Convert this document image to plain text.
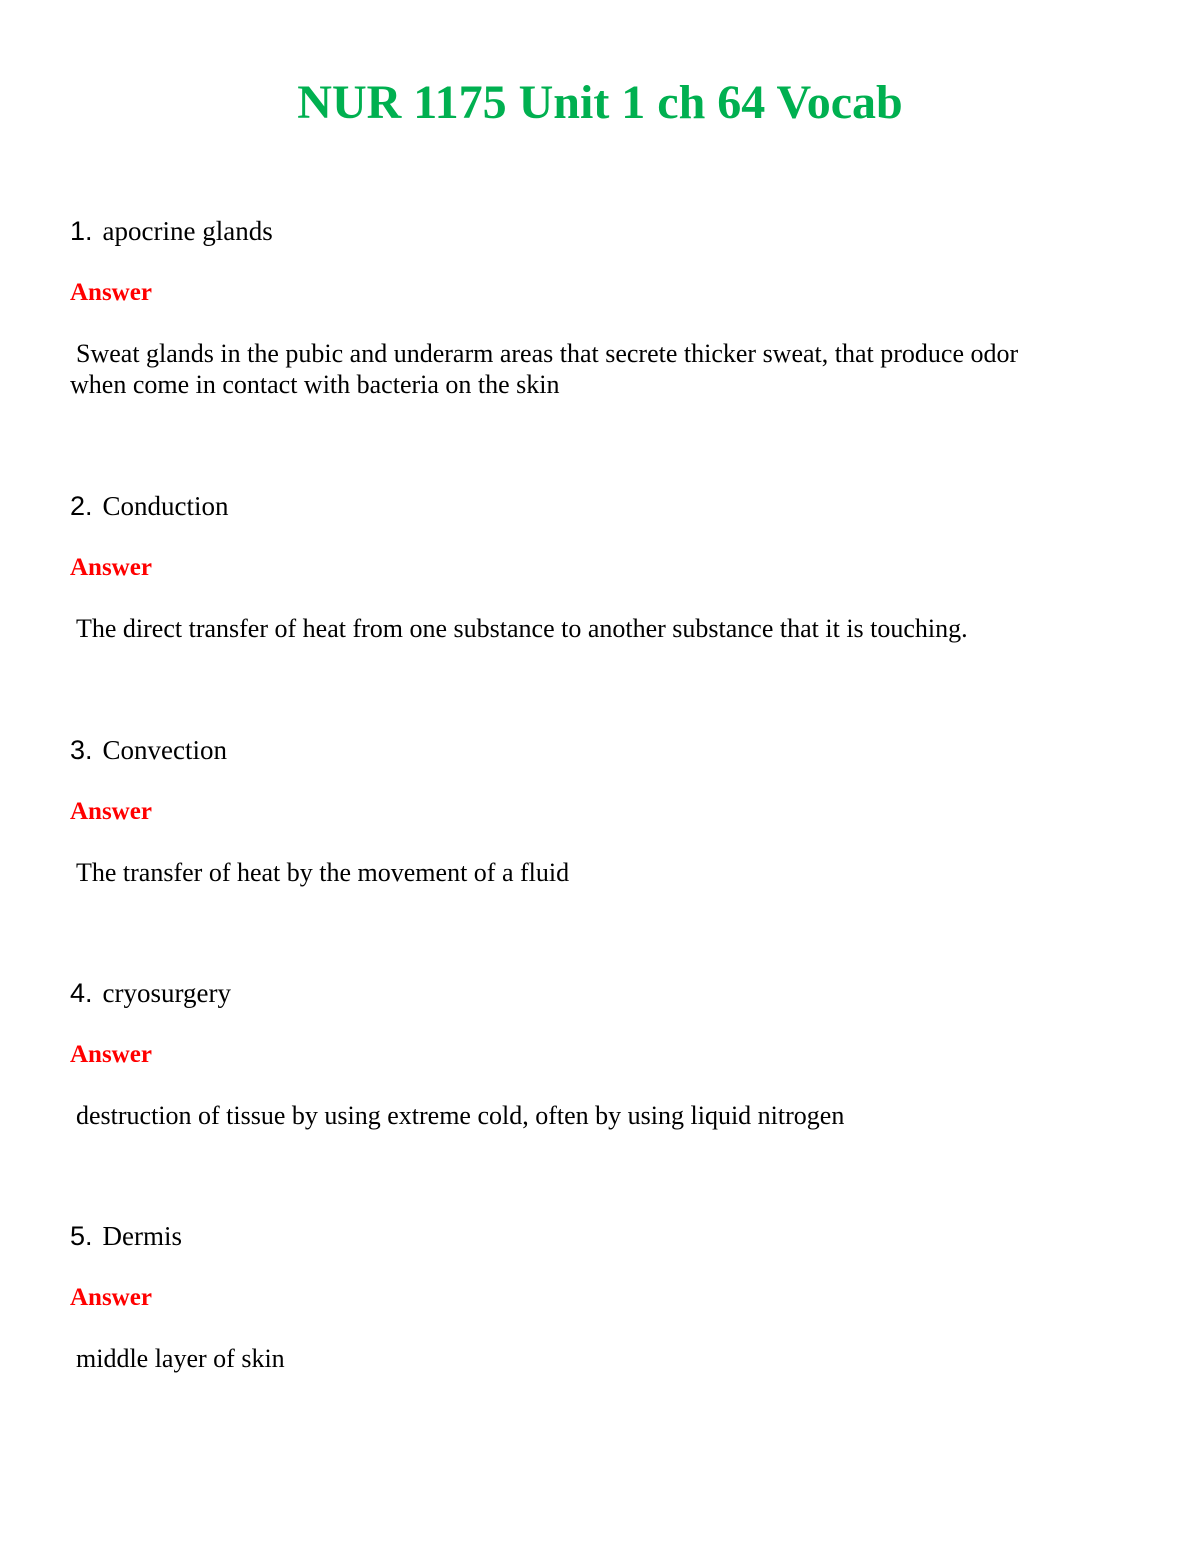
NUR 1175 Unit 1 ch 64 Vocab
1. apocrine glands
Answer

Sweat glands in the pubic and underarm areas that secrete thicker sweat, that produce odor when come in contact with bacteria on the skin

2. Conduction
Answer

The direct transfer of heat from one substance to another substance that it is touching.

3. Convection
Answer

The transfer of heat by the movement of a fluid

4. cryosurgery
Answer

destruction of tissue by using extreme cold, often by using liquid nitrogen

5. Dermis
Answer

middle layer of skin
